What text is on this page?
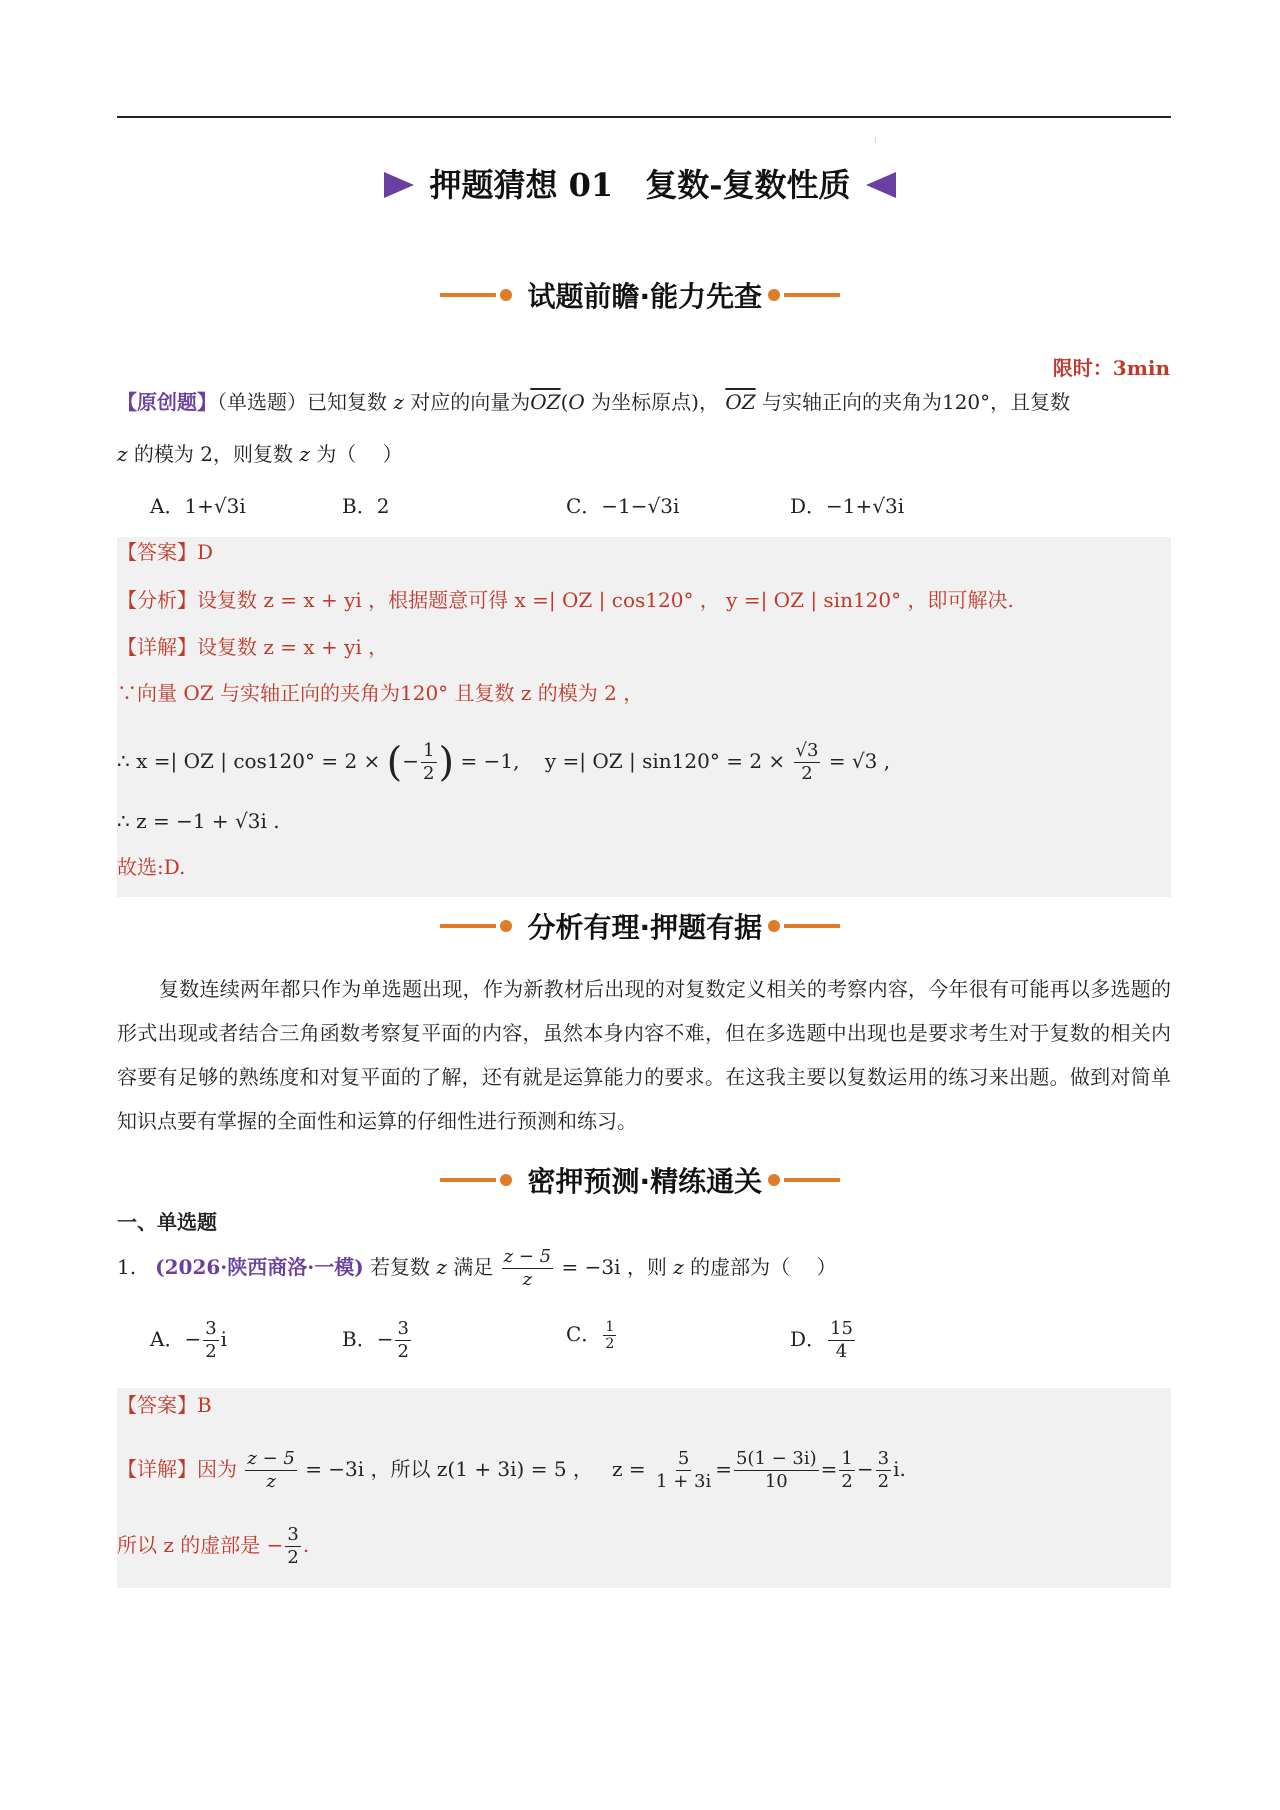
⁝
押题猜想 01　复数-复数性质
试题前瞻·能力先查
限时：3min
【原创题】（单选题）已知复数 z 对应的向量为$\overline{OZ}(O$ 为坐标原点)， $\overline{OZ}$ 与实轴正向的夹角为120°，且复数
z 的模为 2，则复数 z 为（　 ）
A．1+√3i	B．2	C．−1−√3i	D．−1+√3i
【答案】D
【分析】设复数 z = x + yi ，根据题意可得 x =| OZ | cos120° ， y =| OZ | sin120° ，即可解决.
【详解】设复数 z = x + yi ，
∵向量 OZ 与实轴正向的夹角为120° 且复数 z 的模为 2 ，
∴ x =| OZ | cos120° = 2 × (− $\frac{1}{2}$ ) = −1, y =| OZ | $\sin 120^\circ = 2 \times \frac{√3}{2} = √3$ ,
∴ z = −1 + √3i .
故选:D.
分析有理·押题有据
复数连续两年都只作为单选题出现，作为新教材后出现的对复数定义相关的考察内容，今年很有可能再以多选题的形式出现或者结合三角函数考察复平面的内容，虽然本身内容不难，但在多选题中出现也是要求考生对于复数的相关内容要有足够的熟练度和对复平面的了解，还有就是运算能力的要求。在这我主要以复数运用的练习来出题。做到对简单知识点要有掌握的全面性和运算的仔细性进行预测和练习。
密押预测·精练通关
一、单选题
1. (2026·陕西商洛·一模) 若复数 z 满足 $\frac{z - 5}{z} = -3i$ ，则 z 的虚部为（　 ）
A．− $\frac{3}{2}$ i	B．− $\frac{3}{2}$	C． $\frac{1}{2}$	D． $\frac{15}{4}$
【答案】B
【详解】因为 $\frac{z - 5}{z} = -3i$ ，所以 z(1 + 3i) = 5 ， $z = \frac{5}{1 + 3i} = \frac{5(1 - 3i)}{10} = \frac{1}{2} - \frac{3}{2} i$.
所以 z 的虚部是 − $\frac{3}{2}$ .
